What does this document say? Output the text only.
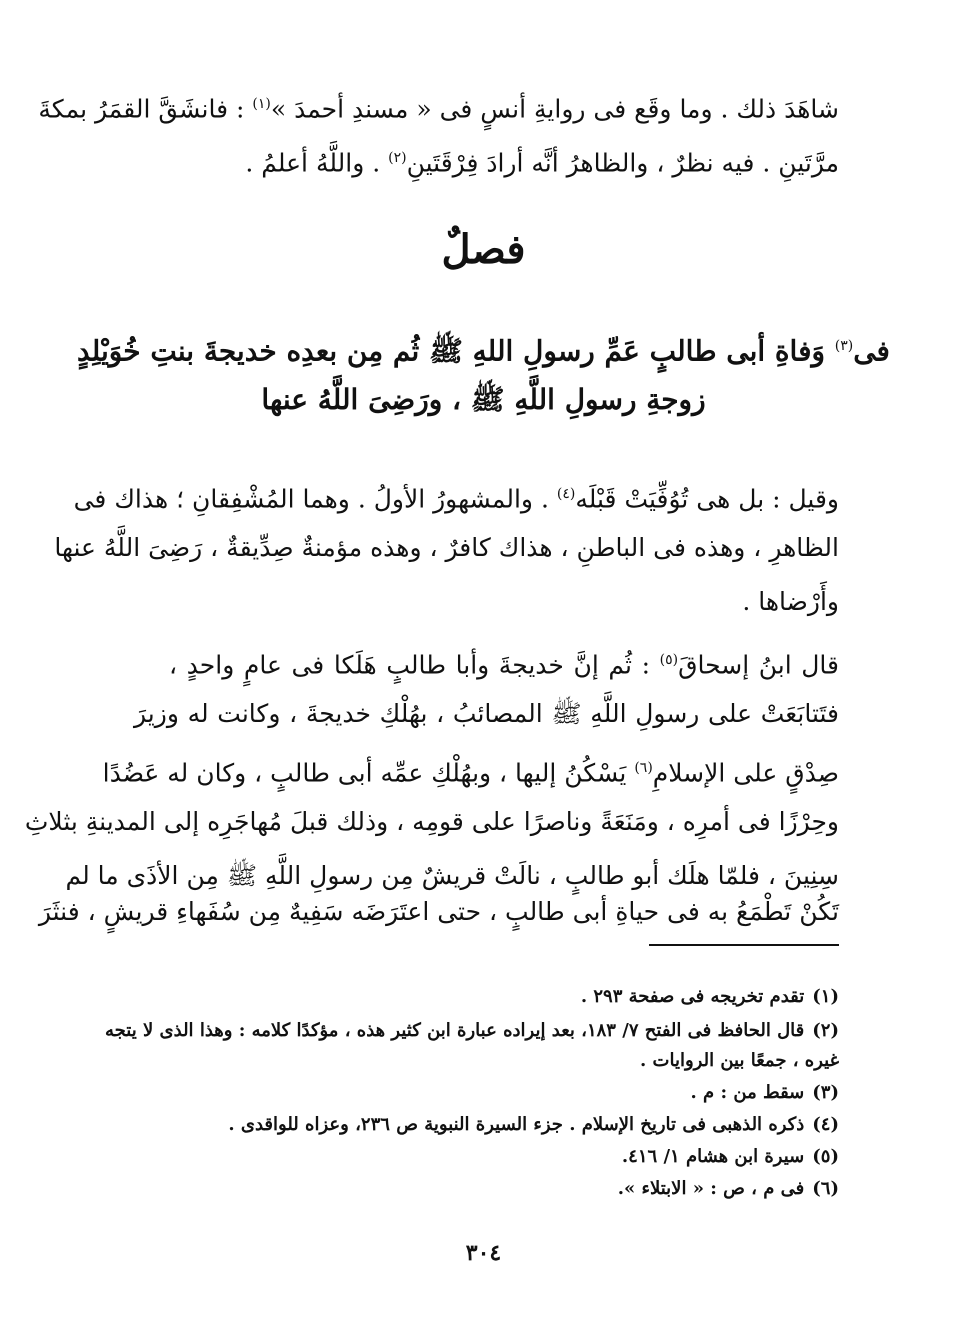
شاهَدَ ذلك . وما وقَع فى روايةِ أنسٍ فى « مسندِ أحمدَ »$^{(١)}$ : فانشَقَّ القمَرُ بمكةَ
مرَّتَينِ . فيه نظرٌ ، والظاهرُ أنَّه أرادَ فِرْقَتَينِ$^{(٢)}$ . واللَّهُ أعلمُ .
فصلٌ
فى$^{(٣)}$ وَفاةِ أبى طالبٍ عَمِّ رسولِ اللهِ ﷺ ثُم مِن بعدِه خديجةَ بنتِ خُوَيْلِدٍ
زوجةِ رسولِ اللَّهِ ﷺ ، ورَضِىَ اللَّهُ عنها
وقيل : بل هى تُوُفِّيَتْ قَبْلَه$^{(٤)}$ . والمشهورُ الأولُ . وهما المُشْفِقانِ ؛ هذاك فى
الظاهرِ ، وهذه فى الباطنِ ، هذاك كافرٌ ، وهذه مؤمنةٌ صِدِّيقةٌ ، رَضِىَ اللَّهُ عنها
وأَرْضاها .
قال ابنُ إسحاقَ$^{(٥)}$ : ثُم إنَّ خديجةَ وأبا طالبٍ هَلَكا فى عامٍ واحدٍ ،
فتَتابَعَتْ على رسولِ اللَّهِ ﷺ المصائبُ ، بهُلْكِ خديجةَ ، وكانت له وزيرَ
صِدْقٍ على الإسلامِ$^{(٦)}$ يَسْكُنُ إليها ، وبهُلْكِ عمِّه أبى طالبٍ ، وكان له عَضُدًا
وحِرْزًا فى أمرِه ، ومَنَعَةً وناصرًا على قومِه ، وذلك قبلَ مُهاجَرِه إلى المدينةِ بثلاثِ
سِنِينَ ، فلمّا هلَك أبو طالبٍ ، نالَتْ قريشٌ مِن رسولِ اللَّهِ ﷺ مِن الأذَى ما لم
تَكُنْ تَطْمَعُ به فى حياةِ أبى طالبٍ ، حتى اعتَرَضَه سَفِيهٌ مِن سُفَهاءِ قريشٍ ، فنثَرَ
(١)تقدم تخريجه فى صفحة ٢٩٣ .
(٢)قال الحافظ فى الفتح ٧/ ١٨٣، بعد إيراده عبارة ابن كثير هذه ، مؤكدًا كلامه : وهذا الذى لا يتجه
غيره ، جمعًا بين الروايات .
(٣)سقط من : م .
(٤)ذكره الذهبى فى تاريخ الإسلام . جزء السيرة النبوية ص ٢٣٦، وعزاه للواقدى .
(٥)سيرة ابن هشام ١/ ٤١٦.
(٦)فى م ، ص : « الابتلاء ».
٣٠٤
